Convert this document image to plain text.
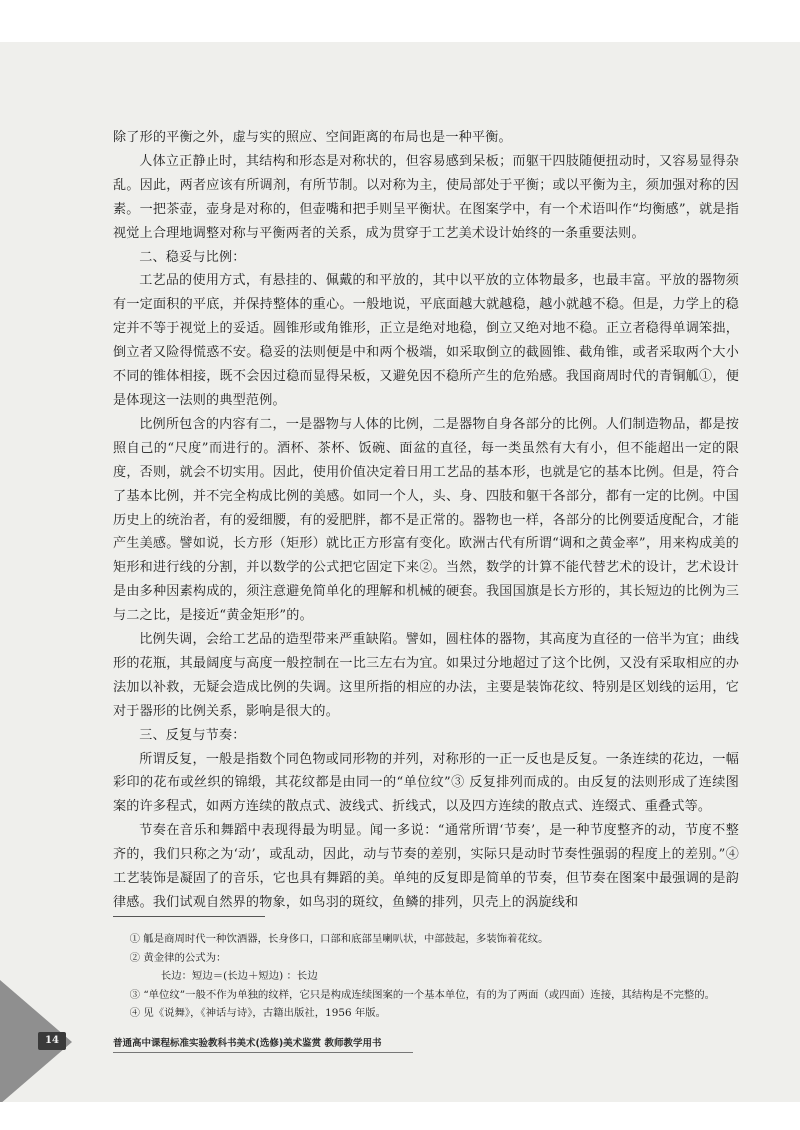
除了形的平衡之外，虚与实的照应、空间距离的布局也是一种平衡。

人体立正静止时，其结构和形态是对称状的，但容易感到呆板；而躯干四肢随便扭动时，又容易显得杂乱。因此，两者应该有所调剂，有所节制。以对称为主，使局部处于平衡；或以平衡为主，须加强对称的因素。一把茶壶，壶身是对称的，但壶嘴和把手则呈平衡状。在图案学中，有一个术语叫作“均衡感”，就是指视觉上合理地调整对称与平衡两者的关系，成为贯穿于工艺美术设计始终的一条重要法则。

二、稳妥与比例：

工艺品的使用方式，有悬挂的、佩戴的和平放的，其中以平放的立体物最多，也最丰富。平放的器物须有一定面积的平底，并保持整体的重心。一般地说，平底面越大就越稳，越小就越不稳。但是，力学上的稳定并不等于视觉上的妥适。圆锥形或角锥形，正立是绝对地稳，倒立又绝对地不稳。正立者稳得单调笨拙，倒立者又险得慌惑不安。稳妥的法则便是中和两个极端，如采取倒立的截圆锥、截角锥，或者采取两个大小不同的锥体相接，既不会因过稳而显得呆板，又避免因不稳所产生的危殆感。我国商周时代的青铜觚①，便是体现这一法则的典型范例。

比例所包含的内容有二，一是器物与人体的比例，二是器物自身各部分的比例。人们制造物品，都是按照自己的“尺度”而进行的。酒杯、茶杯、饭碗、面盆的直径，每一类虽然有大有小，但不能超出一定的限度，否则，就会不切实用。因此，使用价值决定着日用工艺品的基本形，也就是它的基本比例。但是，符合了基本比例，并不完全构成比例的美感。如同一个人，头、身、四肢和躯干各部分，都有一定的比例。中国历史上的统治者，有的爱细腰，有的爱肥胖，都不是正常的。器物也一样，各部分的比例要适度配合，才能产生美感。譬如说，长方形（矩形）就比正方形富有变化。欧洲古代有所谓“调和之黄金率”，用来构成美的矩形和进行线的分割，并以数学的公式把它固定下来②。当然，数学的计算不能代替艺术的设计，艺术设计是由多种因素构成的，须注意避免简单化的理解和机械的硬套。我国国旗是长方形的，其长短边的比例为三与二之比，是接近“黄金矩形”的。

比例失调，会给工艺品的造型带来严重缺陷。譬如，圆柱体的器物，其高度为直径的一倍半为宜；曲线形的花瓶，其最阔度与高度一般控制在一比三左右为宜。如果过分地超过了这个比例，又没有采取相应的办法加以补救，无疑会造成比例的失调。这里所指的相应的办法，主要是装饰花纹、特别是区划线的运用，它对于器形的比例关系，影响是很大的。

三、反复与节奏：

所谓反复，一般是指数个同色物或同形物的并列，对称形的一正一反也是反复。一条连续的花边，一幅彩印的花布或丝织的锦缎，其花纹都是由同一的“单位纹”③ 反复排列而成的。由反复的法则形成了连续图案的许多程式，如两方连续的散点式、波线式、折线式，以及四方连续的散点式、连缀式、重叠式等。

节奏在音乐和舞蹈中表现得最为明显。闻一多说：“通常所谓‘节奏’，是一种节度整齐的动，节度不整齐的，我们只称之为‘动’，或乱动，因此，动与节奏的差别，实际只是动时节奏性强弱的程度上的差别。”④ 工艺装饰是凝固了的音乐，它也具有舞蹈的美。单纯的反复即是简单的节奏，但节奏在图案中最强调的是韵律感。我们试观自然界的物象，如鸟羽的斑纹，鱼鳞的排列，贝壳上的涡旋线和

① 觚是商周时代一种饮酒器，长身侈口，口部和底部呈喇叭状，中部鼓起，多装饰着花纹。

② 黄金律的公式为：

长边：短边＝(长边＋短边) ：长边

③ “单位纹”一般不作为单独的纹样，它只是构成连续图案的一个基本单位，有的为了两面（或四面）连接，其结构是不完整的。

④ 见《说舞》，《神话与诗》，古籍出版社，1956 年版。

14	普通高中课程标准实验教科书美术(选修)美术鉴赏 教师教学用书
